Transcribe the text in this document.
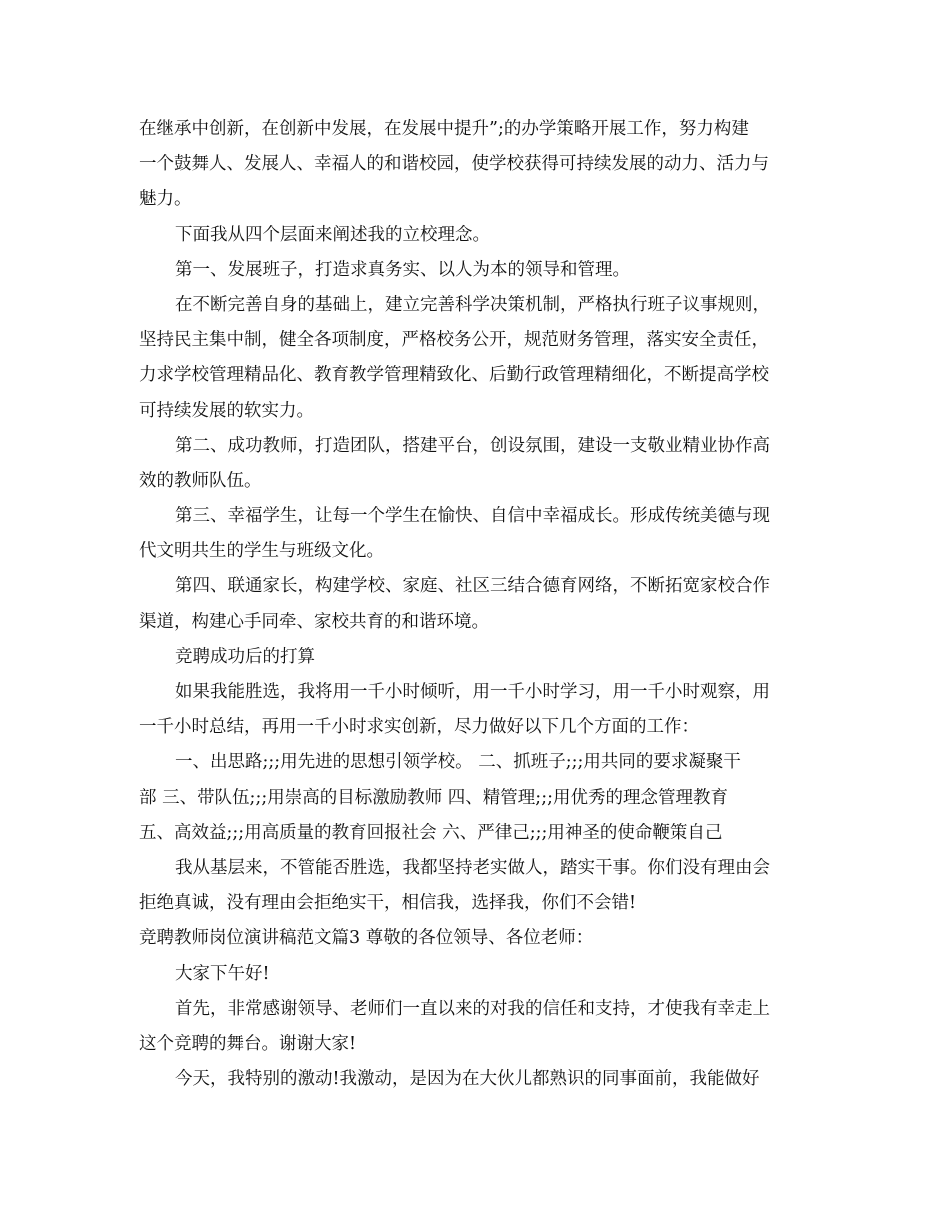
在继承中创新，在创新中发展，在发展中提升”;的办学策略开展工作，努力构建
一个鼓舞人、发展人、幸福人的和谐校园，使学校获得可持续发展的动力、活力与
魅力。
下面我从四个层面来阐述我的立校理念。
第一、发展班子，打造求真务实、以人为本的领导和管理。
在不断完善自身的基础上，建立完善科学决策机制，严格执行班子议事规则，
坚持民主集中制，健全各项制度，严格校务公开，规范财务管理，落实安全责任，
力求学校管理精品化、教育教学管理精致化、后勤行政管理精细化，不断提高学校
可持续发展的软实力。
第二、成功教师，打造团队，搭建平台，创设氛围，建设一支敬业精业协作高
效的教师队伍。
第三、幸福学生，让每一个学生在愉快、自信中幸福成长。形成传统美德与现
代文明共生的学生与班级文化。
第四、联通家长，构建学校、家庭、社区三结合德育网络，不断拓宽家校合作
渠道，构建心手同牵、家校共育的和谐环境。
竞聘成功后的打算
如果我能胜选，我将用一千小时倾听，用一千小时学习，用一千小时观察，用
一千小时总结，再用一千小时求实创新，尽力做好以下几个方面的工作：
一、出思路;;;用先进的思想引领学校。 二、抓班子;;;用共同的要求凝聚干
部 三、带队伍;;;用崇高的目标激励教师 四、精管理;;;用优秀的理念管理教育
五、高效益;;;用高质量的教育回报社会 六、严律己;;;用神圣的使命鞭策自己
我从基层来，不管能否胜选，我都坚持老实做人，踏实干事。你们没有理由会
拒绝真诚，没有理由会拒绝实干，相信我，选择我，你们不会错!
竞聘教师岗位演讲稿范文篇3 尊敬的各位领导、各位老师：
大家下午好!
首先，非常感谢领导、老师们一直以来的对我的信任和支持，才使我有幸走上
这个竞聘的舞台。谢谢大家!
今天，我特别的激动!我激动，是因为在大伙儿都熟识的同事面前，我能做好
